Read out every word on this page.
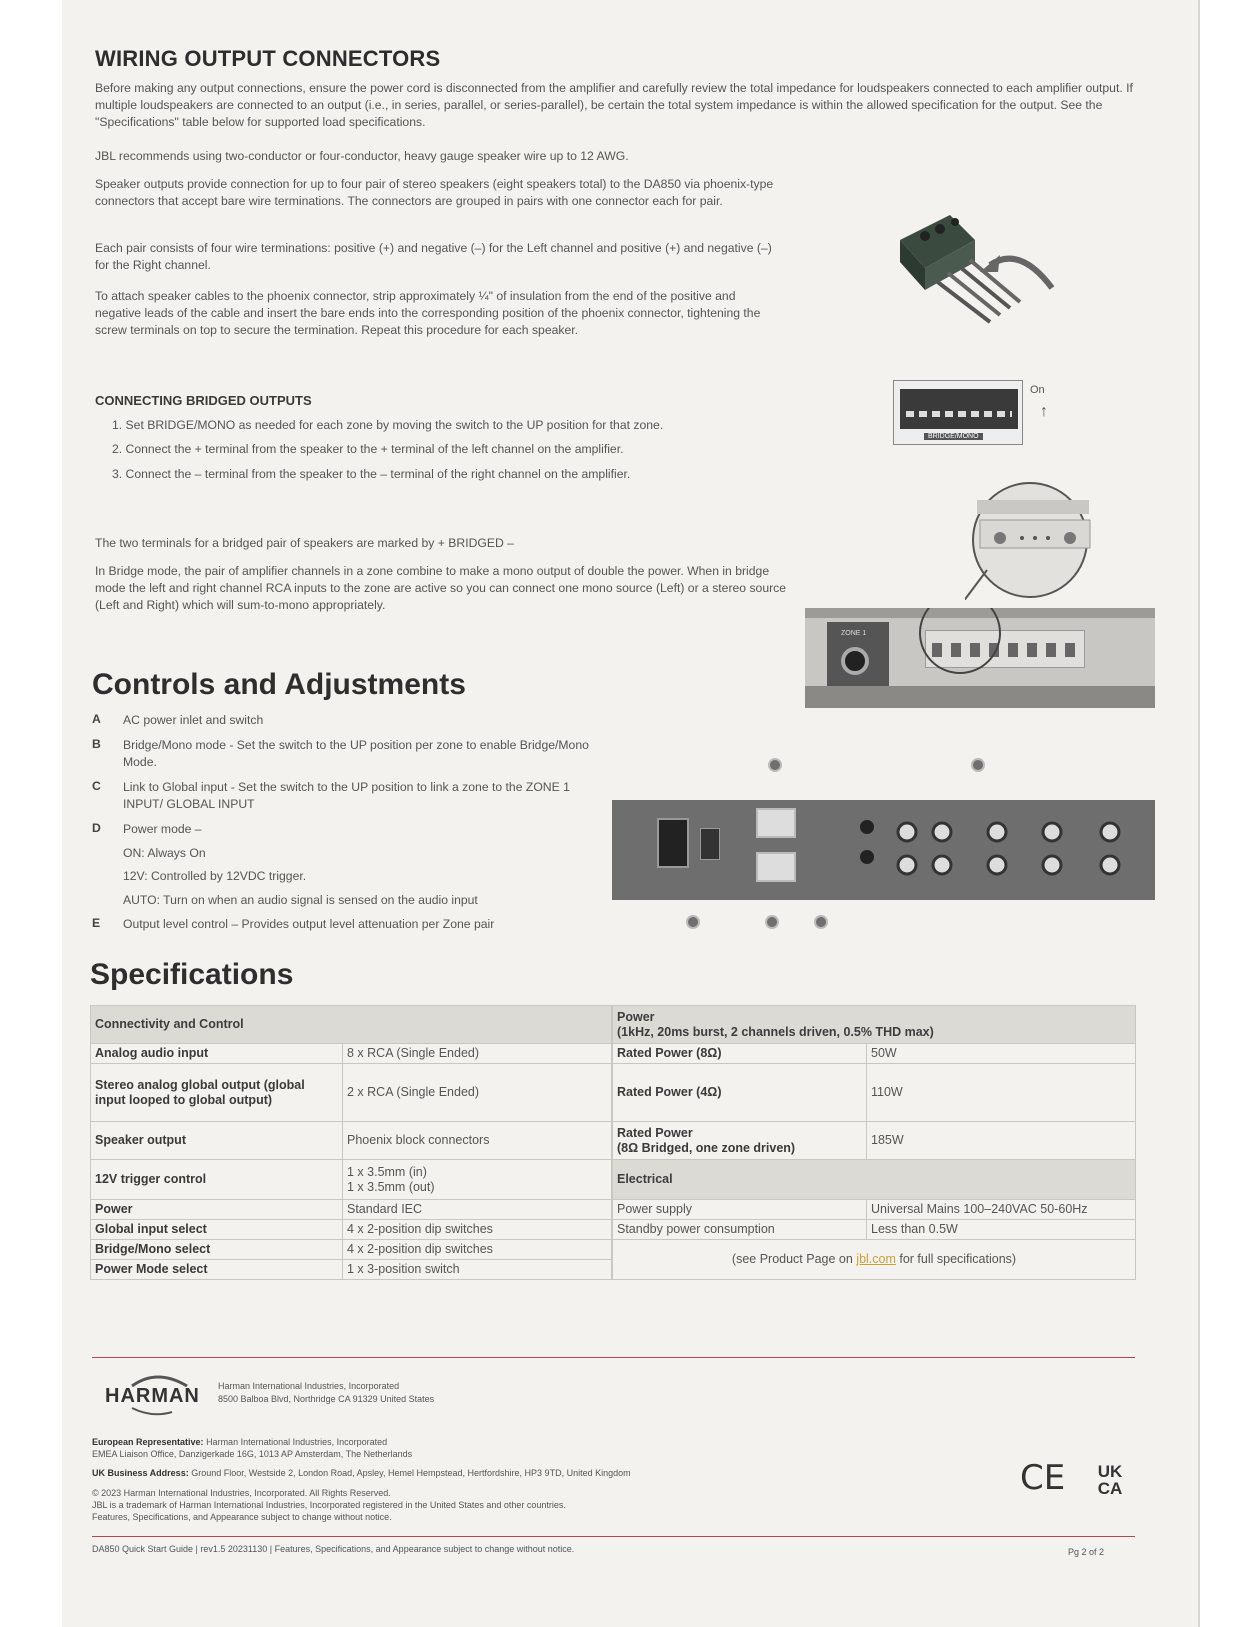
WIRING OUTPUT CONNECTORS

Before making any output connections, ensure the power cord is disconnected from the amplifier and carefully review the total impedance for loudspeakers connected to each amplifier output. If multiple loudspeakers are connected to an output (i.e., in series, parallel, or series-parallel), be certain the total system impedance is within the allowed specification for the output. See the "Specifications" table below for supported load specifications.

JBL recommends using two-conductor or four-conductor, heavy gauge speaker wire up to 12 AWG.

Speaker outputs provide connection for up to four pair of stereo speakers (eight speakers total) to the DA850 via phoenix-type connectors that accept bare wire terminations. The connectors are grouped in pairs with one connector each for pair.

Each pair consists of four wire terminations: positive (+) and negative (–) for the Left channel and positive (+) and negative (–) for the Right channel.

To attach speaker cables to the phoenix connector, strip approximately ¼" of insulation from the end of the positive and negative leads of the cable and insert the bare ends into the corresponding position of the phoenix connector, tightening the screw terminals on top to secure the termination. Repeat this procedure for each speaker.

CONNECTING BRIDGED OUTPUTS
1. Set BRIDGE/MONO as needed for each zone by moving the switch to the UP position for that zone.
2. Connect the + terminal from the speaker to the + terminal of the left channel on the amplifier.
3. Connect the – terminal from the speaker to the – terminal of the right channel on the amplifier.

The two terminals for a bridged pair of speakers are marked by + BRIDGED –

In Bridge mode, the pair of amplifier channels in a zone combine to make a mono output of double the power. When in bridge mode the left and right channel RCA inputs to the zone are active so you can connect one mono source (Left) or a stereo source (Left and Right) which will sum-to-mono appropriately.

BRIDGE/MONO
On
↑
ZONE 1
Controls and Adjustments
A AC power inlet and switch
B Bridge/Mono mode - Set the switch to the UP position per zone to enable Bridge/Mono Mode.
C Link to Global input - Set the switch to the UP position to link a zone to the ZONE 1 INPUT/ GLOBAL INPUT
D Power mode –
ON: Always On
12V: Controlled by 12VDC trigger.
AUTO: Turn on when an audio signal is sensed on the audio input
E Output level control – Provides output level attenuation per Zone pair
Specifications
Connectivity and Control	
Analog audio input	8 x RCA (Single Ended)
Stereo analog global output (global input looped to global output)	2 x RCA (Single Ended)
Speaker output	Phoenix block connectors
12V trigger control	1 x 3.5mm (in)
1 x 3.5mm (out)
Power	Standard IEC
Global input select	4 x 2-position dip switches
Bridge/Mono select	4 x 2-position dip switches
Power Mode select	1 x 3-position switch
Power
(1kHz, 20ms burst, 2 channels driven, 0.5% THD max)	

Rated Power (8Ω)	50W
Rated Power (4Ω)	110W
Rated Power
(8Ω Bridged, one zone driven)	185W
Electrical	
Power supply	Universal Mains 100–240VAC 50-60Hz
Standby power consumption	Less than 0.5W
(see Product Page on jbl.com for full specifications)	
HARMAN Harman International Industries, Incorporated
8500 Balboa Blvd, Northridge CA 91329 United States
European Representative: Harman International Industries, Incorporated
EMEA Liaison Office, Danzigerkade 16G, 1013 AP Amsterdam, The Netherlands
UK Business Address: Ground Floor, Westside 2, London Road, Apsley, Hemel Hempstead, Hertfordshire, HP3 9TD, United Kingdom
© 2023 Harman International Industries, Incorporated. All Rights Reserved.
JBL is a trademark of Harman International Industries, Incorporated registered in the United States and other countries.
Features, Specifications, and Appearance subject to change without notice.
CE	UK
CA
DA850 Quick Start Guide | rev1.5 20231130 | Features, Specifications, and Appearance subject to change without notice.	Pg 2 of 2
